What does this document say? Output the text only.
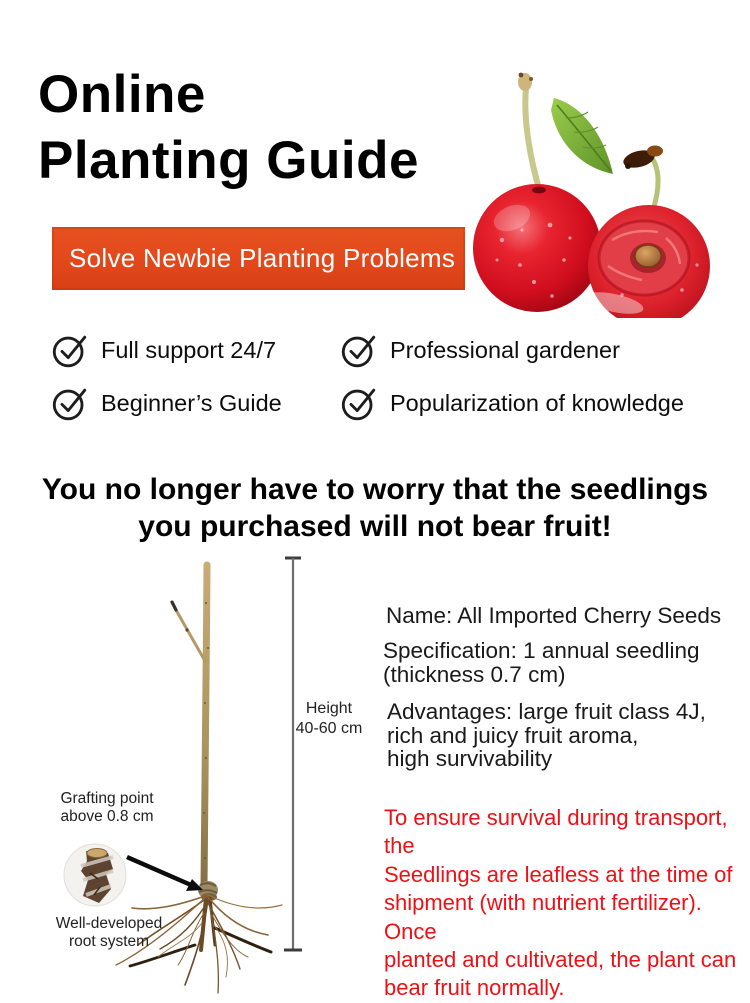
Online
Planting Guide
Solve Newbie Planting Problems
Full support 24/7	Professional gardener
Beginner’s Guide	Popularization of knowledge
You no longer have to worry that the seedlings
you purchased will not bear fruit!
Height
40-60 cm
Grafting point
above 0.8 cm
Well-developed
root system
Name: All Imported Cherry Seeds
Specification: 1 annual seedling
(thickness 0.7 cm)
Advantages: large fruit class 4J,
rich and juicy fruit aroma,
high survivability
To ensure survival during transport, the
Seedlings are leafless at the time of
shipment (with nutrient fertilizer). Once
planted and cultivated, the plant can
bear fruit normally.
